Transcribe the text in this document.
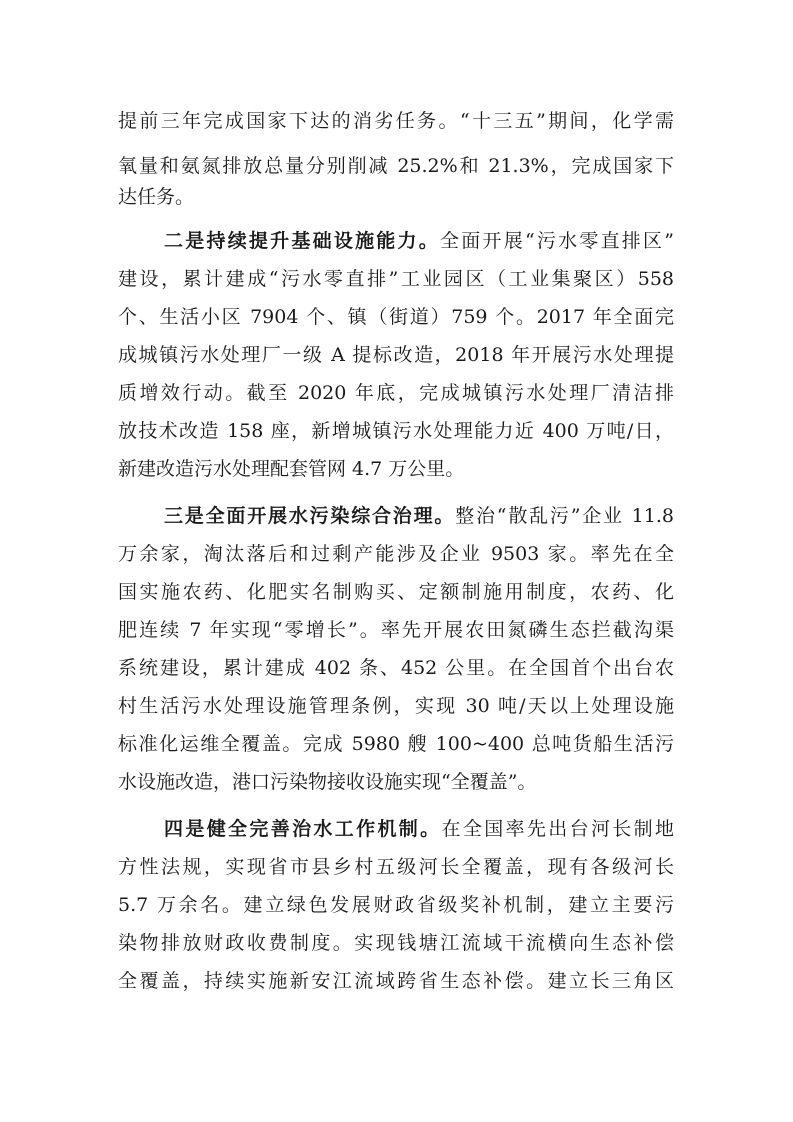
提前三年完成国家下达的消劣任务。“十三五”期间，化学需
氧量和氨氮排放总量分别削减 25.2%和 21.3%，完成国家下
达任务。
二是持续提升基础设施能力。全面开展“污水零直排区”
建设，累计建成“污水零直排”工业园区（工业集聚区）558
个、生活小区 7904 个、镇（街道）759 个。2017 年全面完
成城镇污水处理厂一级 A 提标改造，2018 年开展污水处理提
质增效行动。截至 2020 年底，完成城镇污水处理厂清洁排
放技术改造 158 座，新增城镇污水处理能力近 400 万吨/日，
新建改造污水处理配套管网 4.7 万公里。
三是全面开展水污染综合治理。整治“散乱污”企业 11.8
万余家，淘汰落后和过剩产能涉及企业 9503 家。率先在全
国实施农药、化肥实名制购买、定额制施用制度，农药、化
肥连续 7 年实现“零增长”。率先开展农田氮磷生态拦截沟渠
系统建设，累计建成 402 条、452 公里。在全国首个出台农
村生活污水处理设施管理条例，实现 30 吨/天以上处理设施
标准化运维全覆盖。完成 5980 艘 100~400 总吨货船生活污
水设施改造，港口污染物接收设施实现“全覆盖”。
四是健全完善治水工作机制。在全国率先出台河长制地
方性法规，实现省市县乡村五级河长全覆盖，现有各级河长
5.7 万余名。建立绿色发展财政省级奖补机制，建立主要污
染物排放财政收费制度。实现钱塘江流域干流横向生态补偿
全覆盖，持续实施新安江流域跨省生态补偿。建立长三角区
